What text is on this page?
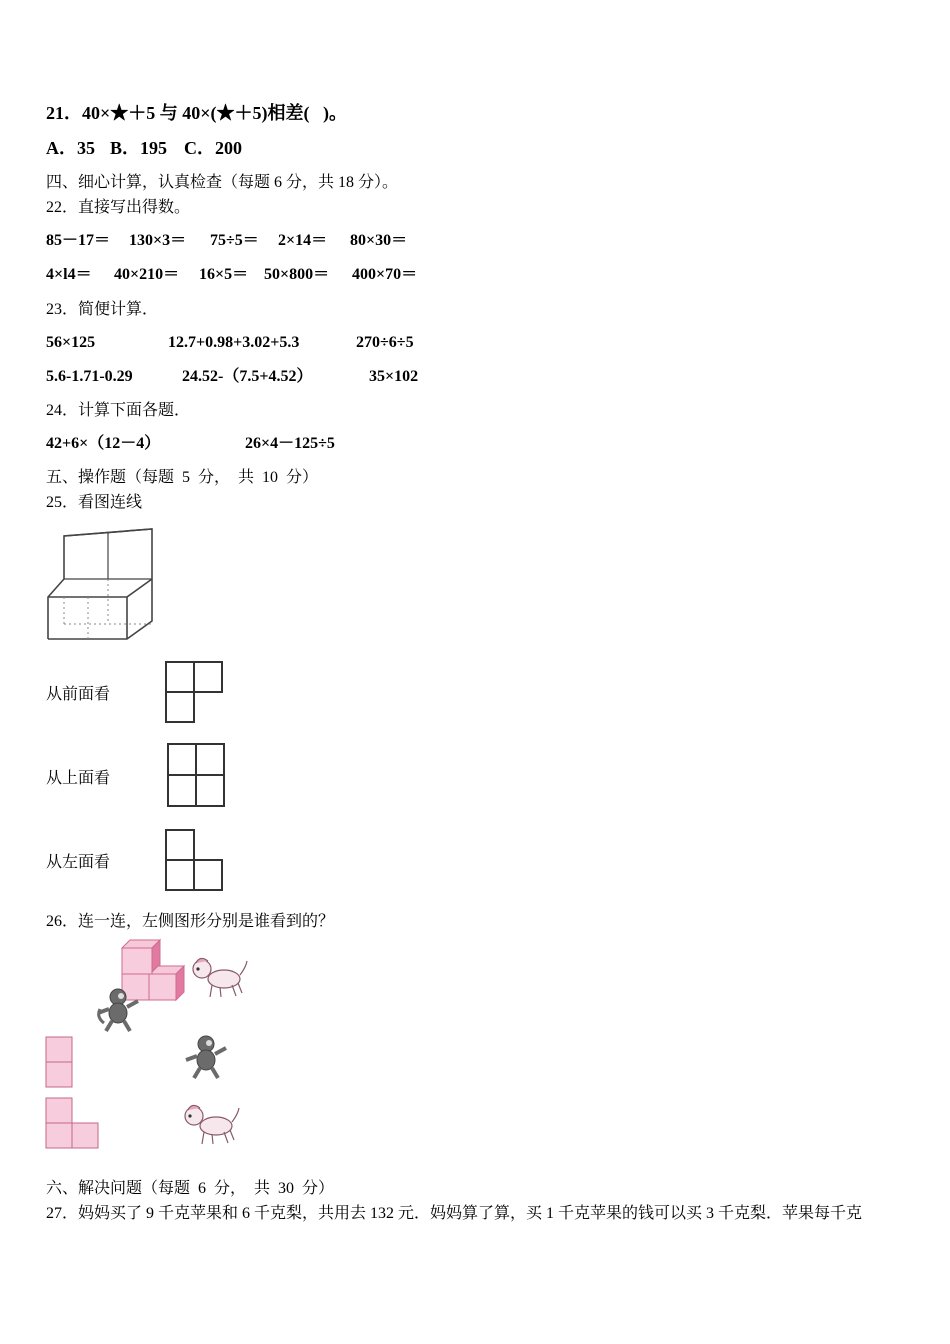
21．40×★＋5 与 40×(★＋5)相差(   )。
A．35 B．195 C．200
四、细心计算，认真检查（每题 6 分，共 18 分）。
22．直接写出得数。
85－17＝ 130×3＝ 75÷5＝ 2×14＝ 80×30＝
4×l4＝ 40×210＝ 16×5＝ 50×800＝ 400×70＝
23．简便计算．
56×125	12.7+0.98+3.02+5.3	270÷6÷5
5.6-1.71-0.29	24.52-（7.5+4.52）	35×102
24．计算下面各题．
42+6×（12－4）	26×4－125÷5
五、操作题（每题  5  分，  共  10  分）
25．看图连线
从前面看
从上面看
从左面看
26．连一连，左侧图形分别是谁看到的？
六、解决问题（每题  6  分，  共  30  分）
27．妈妈买了 9 千克苹果和 6 千克梨，共用去 132 元．妈妈算了算，买 1 千克苹果的钱可以买 3 千克梨．苹果每千克
